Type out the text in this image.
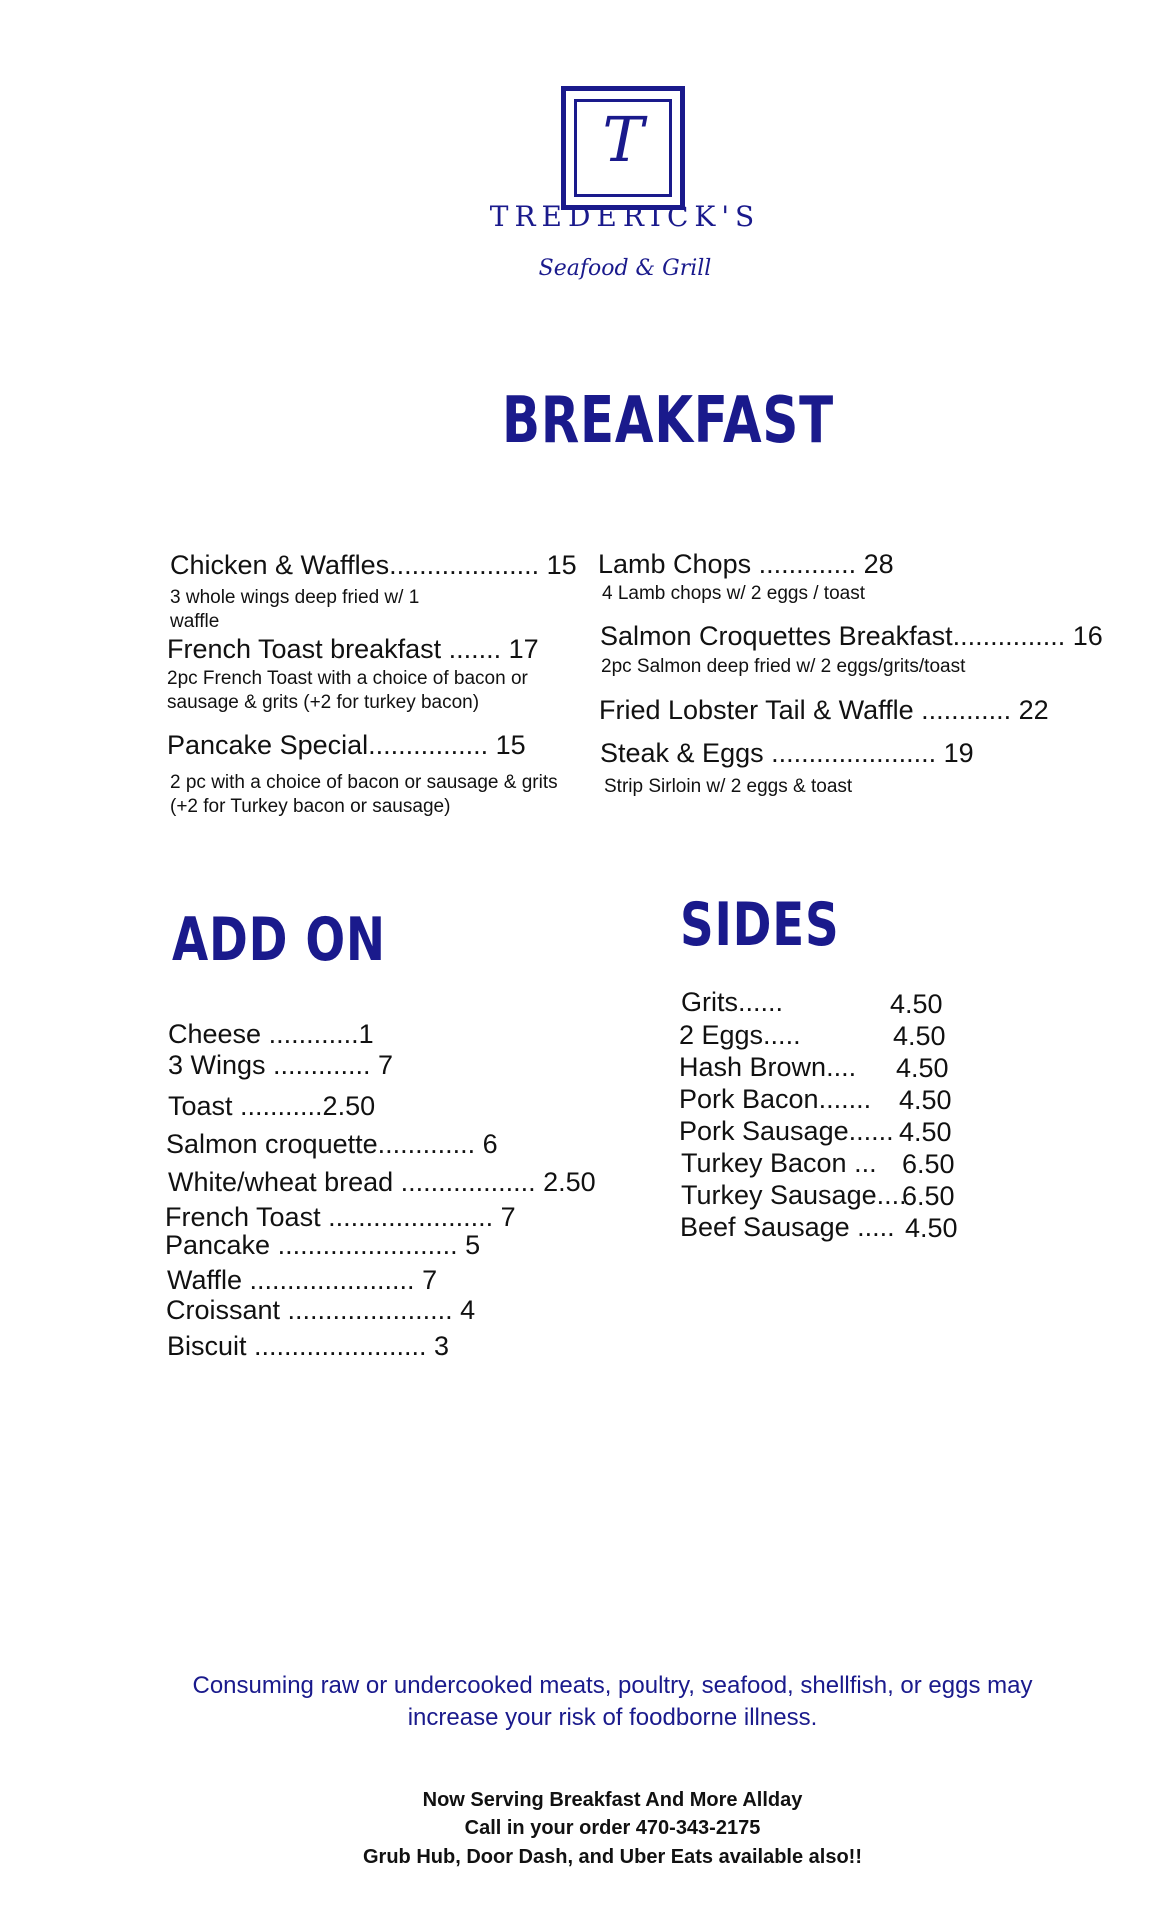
T
TREDERICK'S
Seafood & Grill
BREAKFAST
Chicken & Waffles.................... 15
3 whole wings deep fried w/ 1 waffle
French Toast breakfast ....... 17
2pc French Toast with a choice of bacon or sausage & grits (+2 for turkey bacon)
Pancake Special................ 15
2 pc with a choice of bacon or sausage & grits (+2 for Turkey bacon or sausage)
Lamb Chops ............. 28
4 Lamb chops w/ 2 eggs / toast
Salmon Croquettes Breakfast............... 16
2pc Salmon deep fried w/ 2 eggs/grits/toast
Fried Lobster Tail & Waffle ............ 22
Steak & Eggs ...................... 19
Strip Sirloin w/ 2 eggs & toast
ADD ON
Cheese ............1
3 Wings ............. 7
Toast ...........2.50
Salmon croquette............. 6
White/wheat bread .................. 2.50
French Toast ...................... 7
Pancake ........................ 5
Waffle ...................... 7
Croissant ...................... 4
Biscuit ....................... 3
SIDES
Grits......	4.50
2 Eggs.....	4.50
Hash Brown.... 4.50
Pork Bacon....... 4.50
Pork Sausage...... 4.50
Turkey Bacon ... 6.50
Turkey Sausage....
6.50
Beef Sausage ..... 4.50
Consuming raw or undercooked meats, poultry, seafood, shellfish, or eggs may
increase your risk of foodborne illness.
Now Serving Breakfast And More Allday
Call in your order 470-343-2175
Grub Hub, Door Dash, and Uber Eats available also!!
